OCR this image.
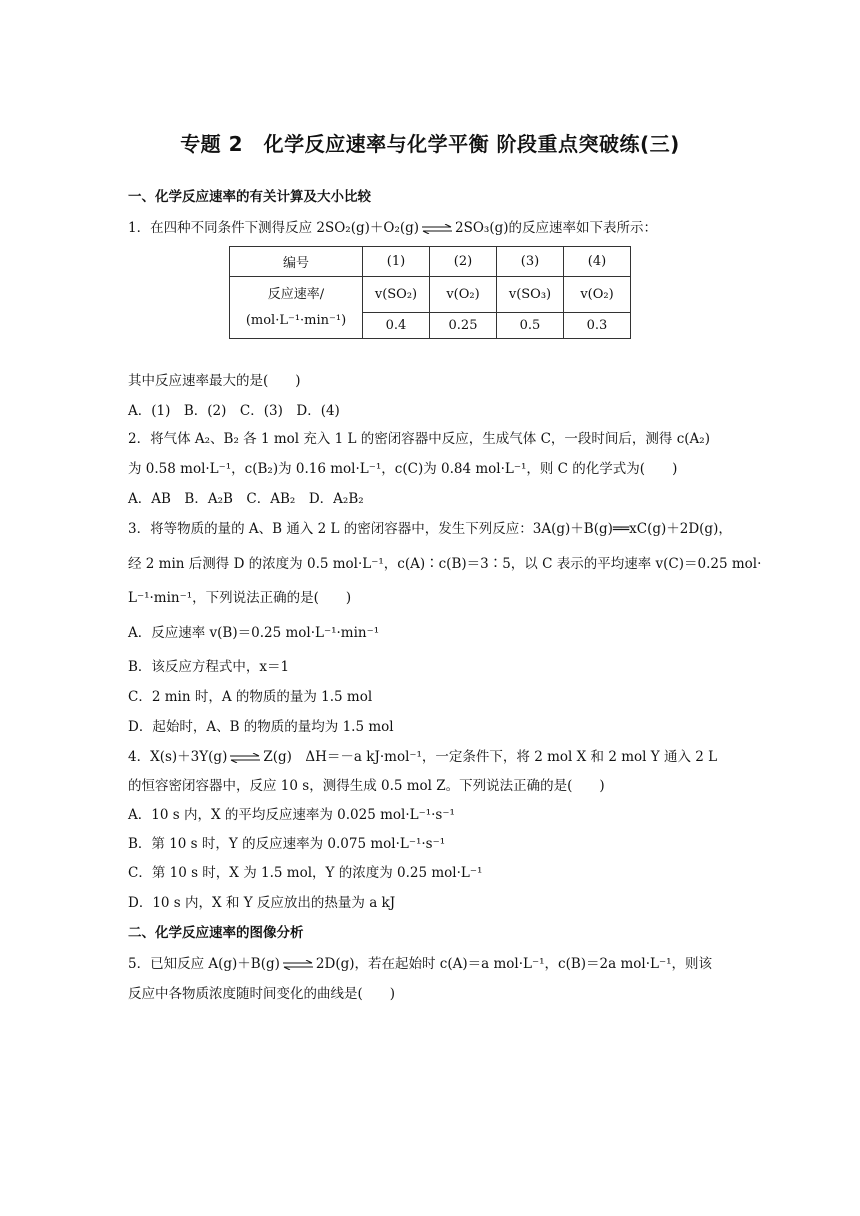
专题 2　化学反应速率与化学平衡 阶段重点突破练(三)
一、化学反应速率的有关计算及大小比较
1．在四种不同条件下测得反应 2SO₂(g)＋O₂(g) ⇌ 2SO₃(g)的反应速率如下表所示：
编号	(1)	(2)	(3)	(4)

反应速率/
(mol·L⁻¹·min⁻¹)	v(SO₂)	v(O₂)	v(SO₃)	v(O₂)
	0.4	0.25	0.5	0.3
其中反应速率最大的是(　　)
A．(1)　B．(2)　C．(3)　D．(4)
2．将气体 A₂、B₂ 各 1 mol 充入 1 L 的密闭容器中反应，生成气体 C，一段时间后，测得 c(A₂)
为 0.58 mol·L⁻¹，c(B₂)为 0.16 mol·L⁻¹，c(C)为 0.84 mol·L⁻¹，则 C 的化学式为(　　)
A．AB　B．A₂B　C．AB₂　D．A₂B₂
3．将等物质的量的 A、B 通入 2 L 的密闭容器中，发生下列反应：3A(g)＋B(g)══xC(g)＋2D(g)，
经 2 min 后测得 D 的浓度为 0.5 mol·L⁻¹，c(A)∶c(B)＝3∶5，以 C 表示的平均速率 v(C)＝0.25 mol·
L⁻¹·min⁻¹，下列说法正确的是(　　)
A．反应速率 v(B)＝0.25 mol·L⁻¹·min⁻¹
B．该反应方程式中，x＝1
C．2 min 时，A 的物质的量为 1.5 mol
D．起始时，A、B 的物质的量均为 1.5 mol
4．X(s)＋3Y(g) ⇌ Z(g)　ΔH＝－a kJ·mol⁻¹，一定条件下，将 2 mol X 和 2 mol Y 通入 2 L
的恒容密闭容器中，反应 10 s，测得生成 0.5 mol Z。下列说法正确的是(　　)
A．10 s 内，X 的平均反应速率为 0.025 mol·L⁻¹·s⁻¹
B．第 10 s 时，Y 的反应速率为 0.075 mol·L⁻¹·s⁻¹
C．第 10 s 时，X 为 1.5 mol，Y 的浓度为 0.25 mol·L⁻¹
D．10 s 内，X 和 Y 反应放出的热量为 a kJ
二、化学反应速率的图像分析
5．已知反应 A(g)＋B(g) ⇌ 2D(g)，若在起始时 c(A)＝a mol·L⁻¹，c(B)＝2a mol·L⁻¹，则该
反应中各物质浓度随时间变化的曲线是(　　)
